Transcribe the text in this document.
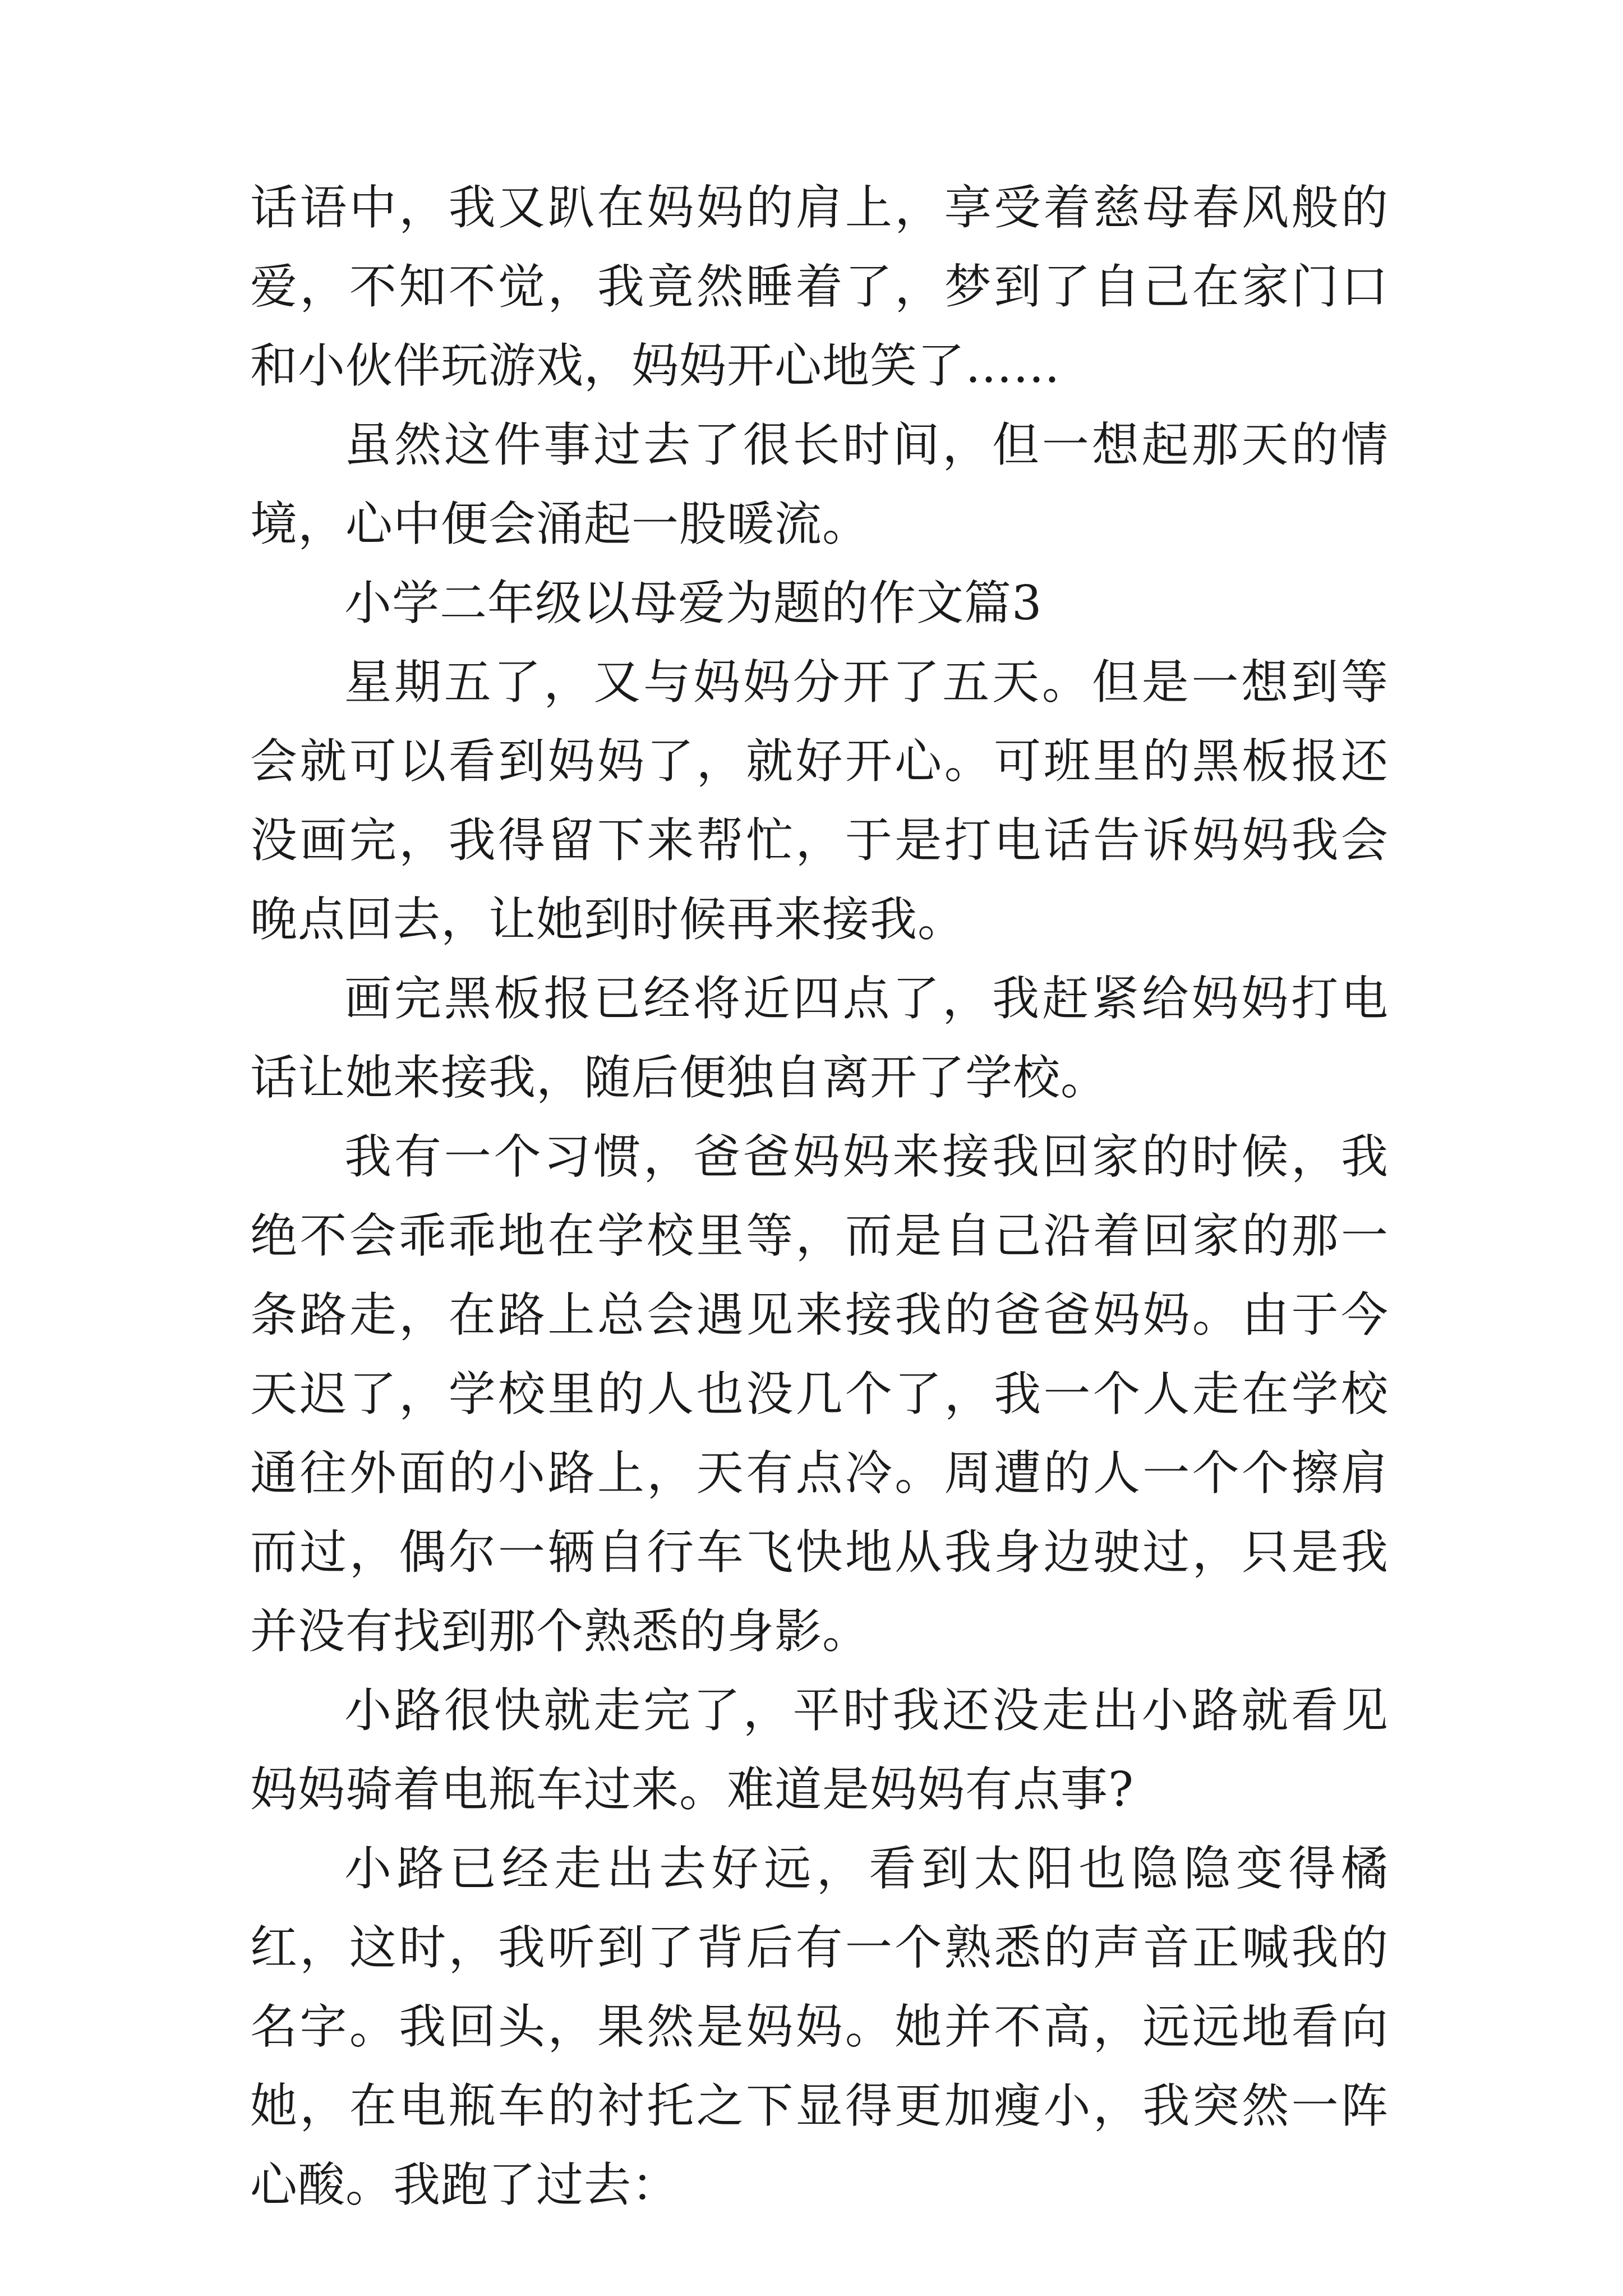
话语中，我又趴在妈妈的肩上，享受着慈母春风般的爱，不知不觉，我竟然睡着了，梦到了自己在家门口和小伙伴玩游戏，妈妈开心地笑了……

虽然这件事过去了很长时间，但一想起那天的情境，心中便会涌起一股暖流。

小学二年级以母爱为题的作文篇3

星期五了，又与妈妈分开了五天。但是一想到等会就可以看到妈妈了，就好开心。可班里的黑板报还没画完，我得留下来帮忙，于是打电话告诉妈妈我会晚点回去，让她到时候再来接我。

画完黑板报已经将近四点了，我赶紧给妈妈打电话让她来接我，随后便独自离开了学校。

我有一个习惯，爸爸妈妈来接我回家的时候，我绝不会乖乖地在学校里等，而是自己沿着回家的那一条路走，在路上总会遇见来接我的爸爸妈妈。由于今天迟了，学校里的人也没几个了，我一个人走在学校通往外面的小路上，天有点冷。周遭的人一个个擦肩而过，偶尔一辆自行车飞快地从我身边驶过，只是我并没有找到那个熟悉的身影。

小路很快就走完了，平时我还没走出小路就看见妈妈骑着电瓶车过来。难道是妈妈有点事?

小路已经走出去好远，看到太阳也隐隐变得橘红，这时，我听到了背后有一个熟悉的声音正喊我的名字。我回头，果然是妈妈。她并不高，远远地看向她，在电瓶车的衬托之下显得更加瘦小，我突然一阵心酸。我跑了过去：
